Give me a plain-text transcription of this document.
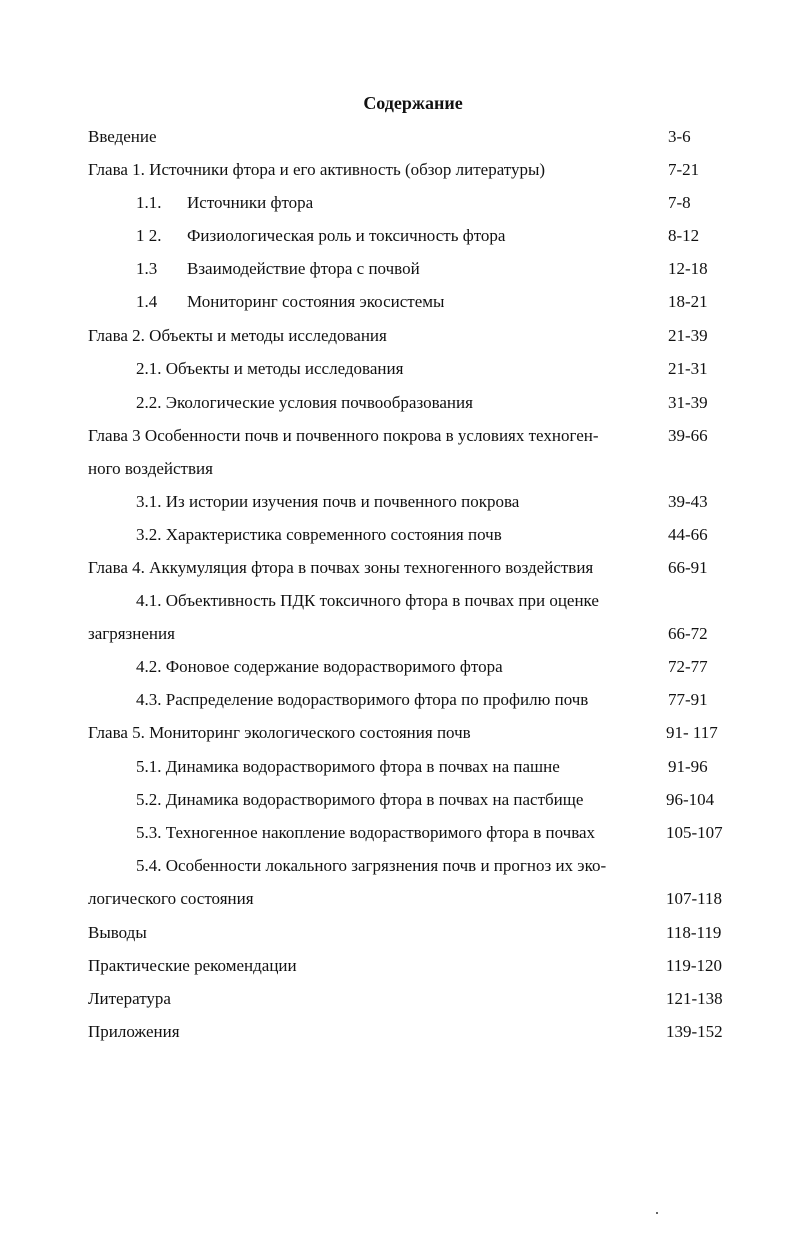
Содержание
Введение	3-6
Глава 1. Источники фтора и его активность (обзор литературы)	7-21
1.1. Источники фтора	7-8
1 2. Физиологическая роль и токсичность фтора	8-12
1.3 Взаимодействие фтора с почвой	12-18
1.4 Мониторинг состояния экосистемы	18-21
Глава 2. Объекты и методы исследования	21-39
2.1. Объекты и методы исследования	21-31
2.2. Экологические условия почвообразования	31-39
Глава 3 Особенности почв и почвенного покрова в условиях техноген-	39-66
ного воздействия
3.1. Из истории изучения почв и почвенного покрова	39-43
3.2. Характеристика современного состояния почв	44-66
Глава 4. Аккумуляция фтора в почвах зоны техногенного воздействия	66-91
4.1. Объективность ПДК токсичного фтора в почвах при оценке
загрязнения	66-72
4.2. Фоновое содержание водорастворимого фтора	72-77
4.3. Распределение водорастворимого фтора по профилю почв	77-91
Глава 5. Мониторинг экологического состояния почв	91- 117
5.1. Динамика водорастворимого фтора в почвах на пашне	91-96
5.2. Динамика водорастворимого фтора в почвах на пастбище	96-104
5.3. Техногенное накопление водорастворимого фтора в почвах	105-107
5.4. Особенности локального загрязнения почв и прогноз их эко-
логического состояния	107-118
Выводы	118-119
Практические рекомендации	119-120
Литература	121-138
Приложения	139-152
